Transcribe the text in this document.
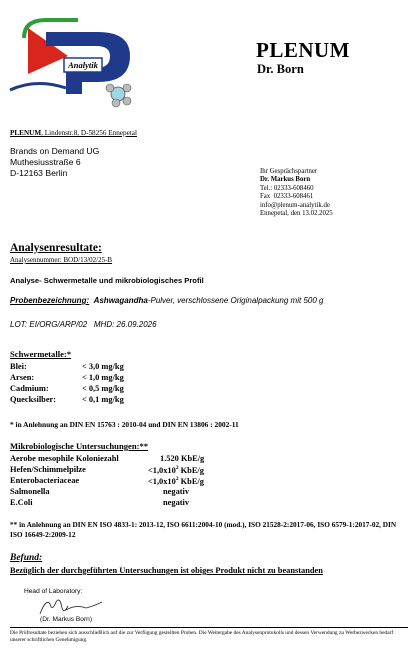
Analytik
PLENUM
Dr. Born
PLENUM, Lindenstr.8, D-58256 Ennepetal
Brands on Demand UG
Muthesiusstraße 6
D-12163 Berlin	Ihr Gesprächspartner
Dr. Markus Born
Tel.: 02333-608460
Fax  02333-608461
info@plenum-analytik.de
Ennepetal, den 13.02.2025
Analysenresultate:
Analysennummer: BOD/13/02/25-B
Analyse- Schwermetalle und mikrobiologisches Profil
Probenbezeichnung: Ashwagandha-Pulver, verschlossene Originalpackung mit 500 g
LOT: EI/ORG/ARP/02   MHD: 26.09.2026
Schwermetalle:*
Blei:	< 3,0 mg/kg
Arsen:	< 1,0 mg/kg
Cadmium:	< 0,5 mg/kg
Quecksilber:	< 0,1 mg/kg
* in Anlehnung an DIN EN 15763 : 2010-04 und DIN EN 13806 : 2002-11
Mikrobiologische Untersuchungen:**
Aerobe mesophile Koloniezahl	1.520 KbE/g
Hefen/Schimmelpilze	$<1,0x10^2$ KbE/g
Enterobacteriaceae	$<1,0x10^2$ KbE/g
Salmonella	negativ
E.Coli	negativ
** in Anlehnung an DIN EN ISO 4833-1: 2013-12, ISO 6611:2004-10 (mod.), ISO 21528-2:2017-06, ISO 6579-1:2017-02, DIN ISO 16649-2:2009-12
Befund:
Bezüglich der durchgeführten Untersuchungen ist obiges Produkt nicht zu beanstanden
Head of Laboratory:
(Dr. Markus Born)
Die Prüfresultate beziehen sich ausschließlich auf die zur Verfügung gestellten Proben. Die Weitergabe des Analysenprotokolls und dessen Verwendung zu Werbezwecken bedarf unserer schriftlichen Genehmigung.
